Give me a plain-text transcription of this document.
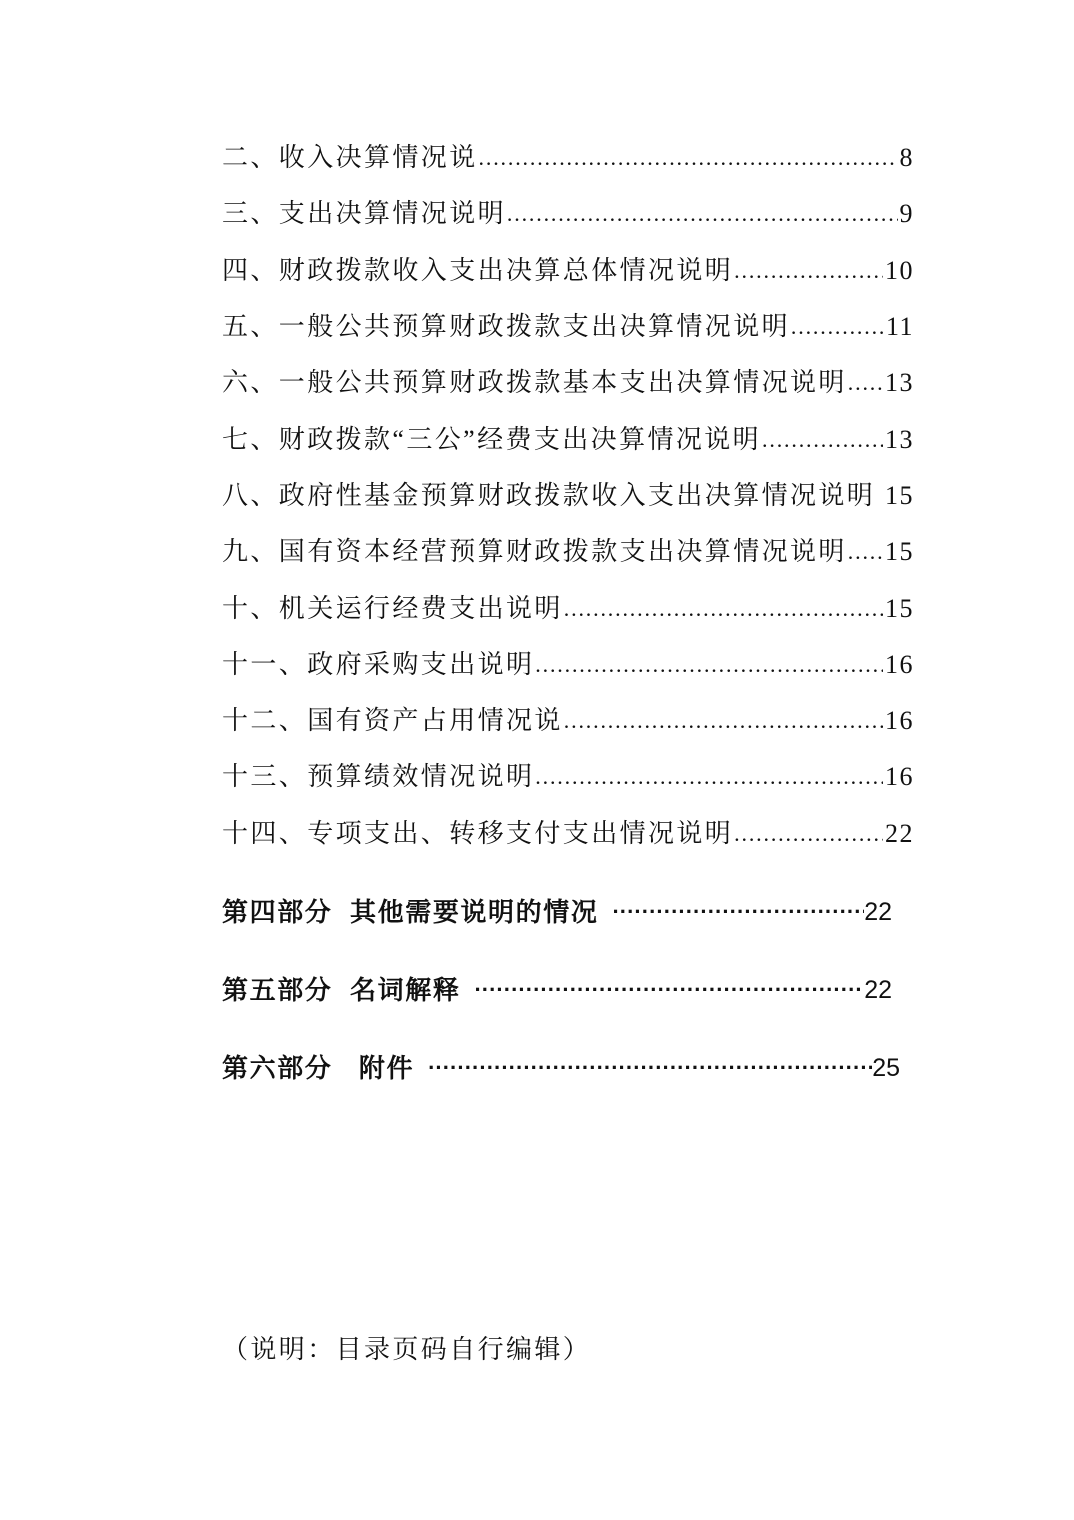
二、收入决算情况说 ……………………………………………………………………………………………………………………	8
三、支出决算情况说明 ……………………………………………………………………………………………………………………	9
四、财政拨款收入支出决算总体情况说明 ……………………………………………………………………………………………………………………	10
五、一般公共预算财政拨款支出决算情况说明 ……………………………………………………………………………………………………………………	11
六、一般公共预算财政拨款基本支出决算情况说明 …………………………………………………………………………………………………………………… 13
七、财政拨款“三公”经费支出决算情况说明 ……………………………………………………………………………………………………………………	13
八、政府性基金预算财政拨款收入支出决算情况说明 15
九、国有资本经营预算财政拨款支出决算情况说明 …………………………………………………………………………………………………………………… 15
十、机关运行经费支出说明 ……………………………………………………………………………………………………………………	15
十一、政府采购支出说明 ……………………………………………………………………………………………………………………	16
十二、国有资产占用情况说 ……………………………………………………………………………………………………………………	16
十三、预算绩效情况说明 ……………………………………………………………………………………………………………………	16
十四、专项支出、转移支付支出情况说明 ……………………………………………………………………………………………………………………	22
第四部分  其他需要说明的情况 ·····	22
第五部分  名词解释 ·····	22
第六部分   附件 ·····	25
（说明：目录页码自行编辑）
